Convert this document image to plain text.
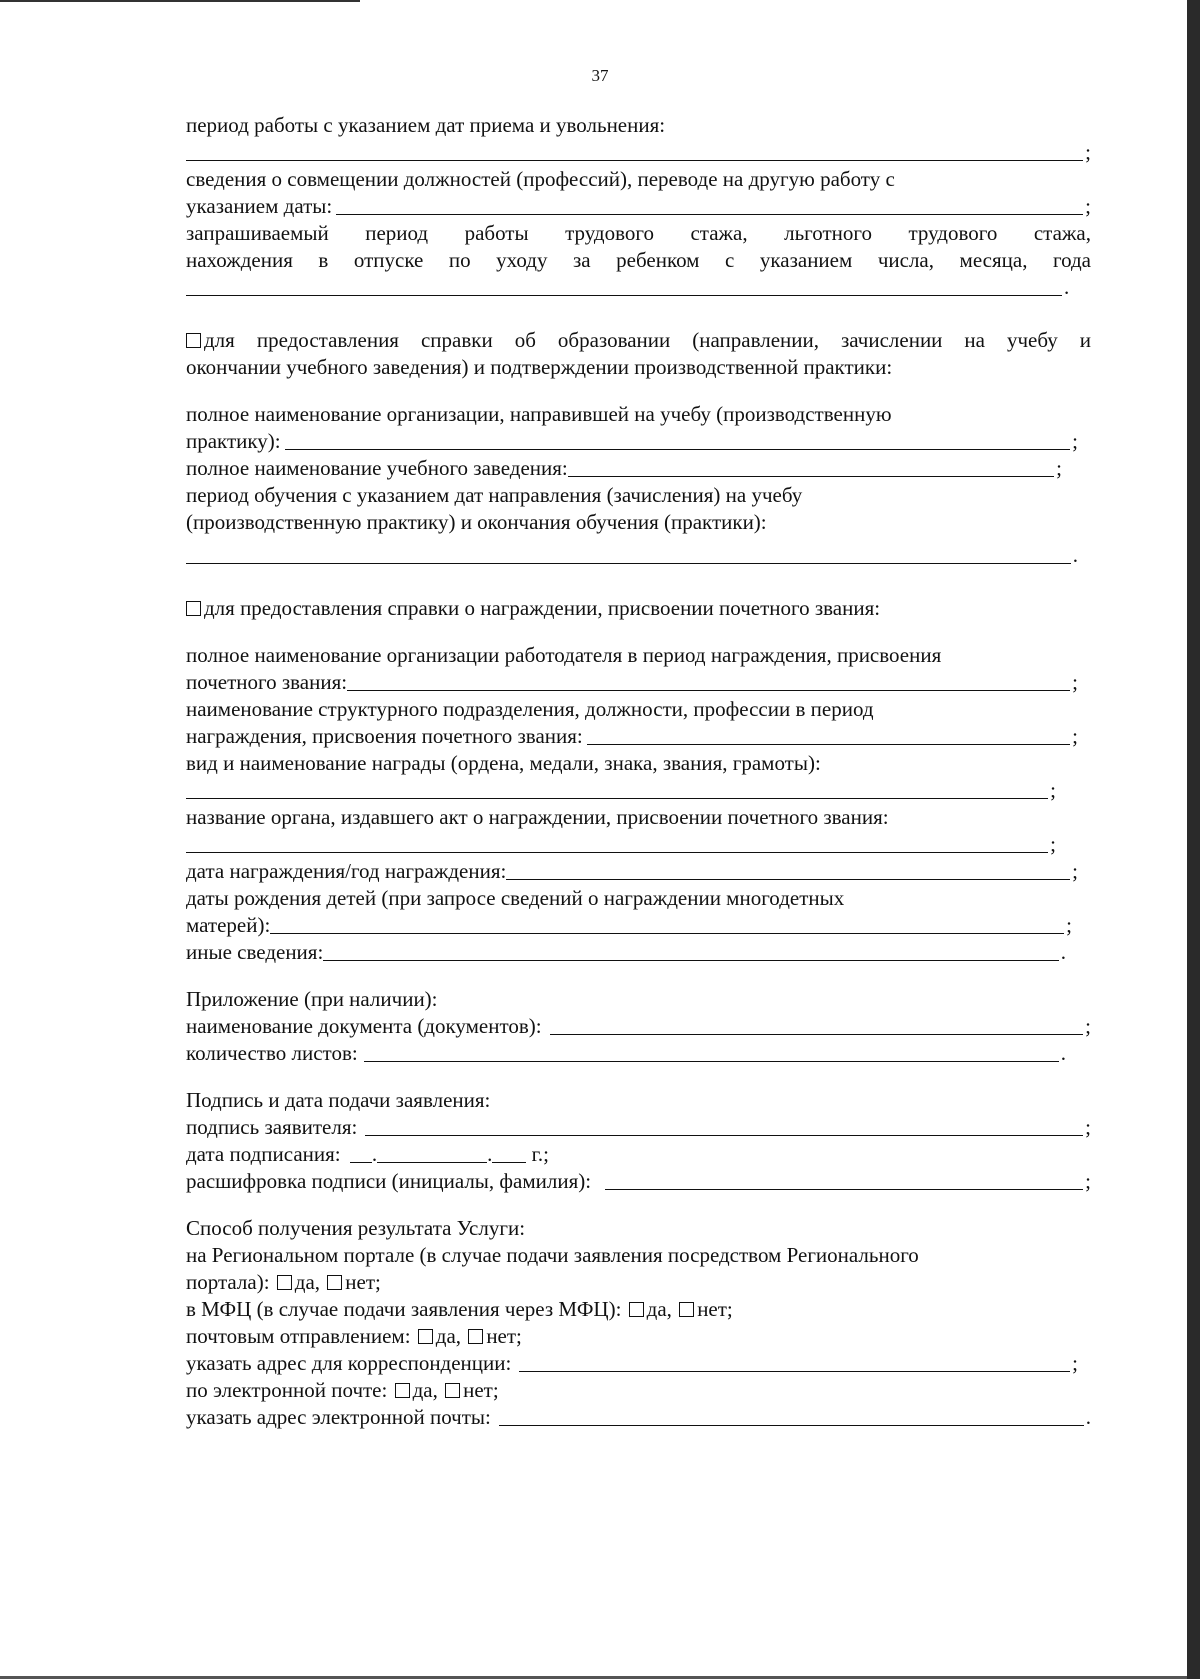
37

период работы с указанием дат приема и увольнения:

;

сведения о совмещении должностей (профессий), переводе на другую работу с

указанием даты:	;

запрашиваемый период работы трудового стажа, льготного трудового стажа,

нахождения в отпуске по уходу за ребенком с указанием числа, месяца, года

.

для предоставления справки об образовании (направлении, зачислении на учебу и

окончании учебного заведения) и подтверждении производственной практики:

полное наименование организации, направившей на учебу (производственную

практику):	;
полное наименование учебного заведения:	;

период обучения с указанием дат направления (зачисления) на учебу

(производственную практику) и окончания обучения (практики):

.

для предоставления справки о награждении, присвоении почетного звания:

полное наименование организации работодателя в период награждения, присвоения

почетного звания:	;

наименование структурного подразделения, должности, профессии в период

награждения, присвоения почетного звания:	;

вид и наименование награды (ордена, медали, знака, звания, грамоты):

;

название органа, издавшего акт о награждении, присвоении почетного звания:

;
дата награждения/год награждения:	;

даты рождения детей (при запросе сведений о награждении многодетных

матерей):	;
иные сведения:	.

Приложение (при наличии):

наименование документа (документов):	;
количество листов:	.

Подпись и дата подачи заявления:

подпись заявителя:	;

дата подписания: .	. г.;

расшифровка подписи (инициалы, фамилия):	;

Способ получения результата Услуги:

на Региональном портале (в случае подачи заявления посредством Регионального

портала): да, нет;

в МФЦ (в случае подачи заявления через МФЦ): да, нет;

почтовым отправлением: да, нет;

указать адрес для корреспонденции:	;

по электронной почте: да, нет;

указать адрес электронной почты:	.
